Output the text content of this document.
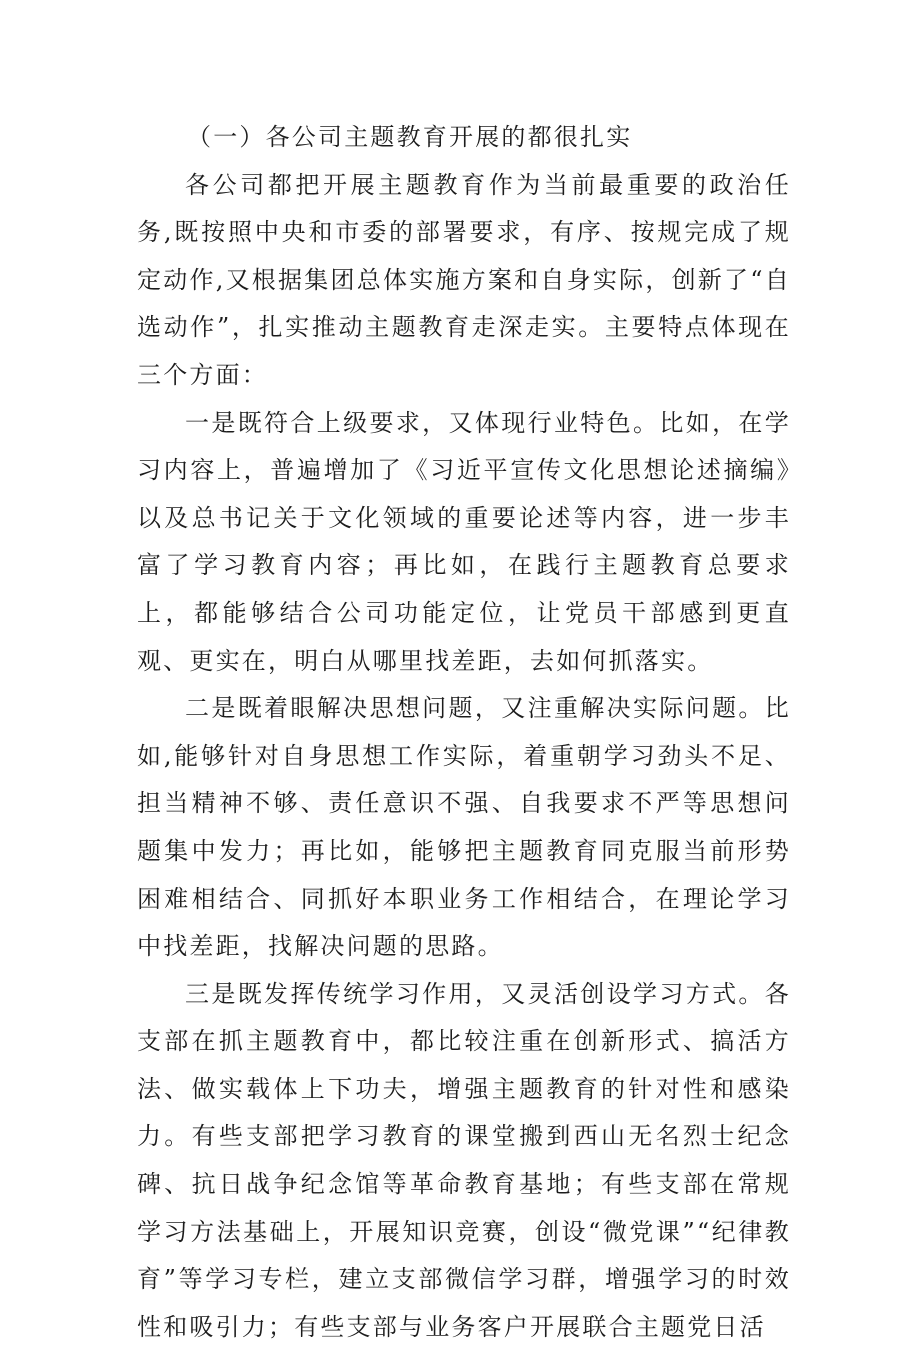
（一）各公司主题教育开展的都很扎实

各公司都把开展主题教育作为当前最重要的政治任务,既按照中央和市委的部署要求，有序、按规完成了规定动作,又根据集团总体实施方案和自身实际，创新了“自选动作”，扎实推动主题教育走深走实。主要特点体现在三个方面：

一是既符合上级要求，又体现行业特色。比如，在学习内容上，普遍增加了《习近平宣传文化思想论述摘编》以及总书记关于文化领域的重要论述等内容，进一步丰富了学习教育内容；再比如，在践行主题教育总要求上，都能够结合公司功能定位，让党员干部感到更直观、更实在，明白从哪里找差距，去如何抓落实。

二是既着眼解决思想问题，又注重解决实际问题。比如,能够针对自身思想工作实际，着重朝学习劲头不足、担当精神不够、责任意识不强、自我要求不严等思想问题集中发力；再比如，能够把主题教育同克服当前形势困难相结合、同抓好本职业务工作相结合，在理论学习中找差距，找解决问题的思路。

三是既发挥传统学习作用，又灵活创设学习方式。各支部在抓主题教育中，都比较注重在创新形式、搞活方法、做实载体上下功夫，增强主题教育的针对性和感染力。有些支部把学习教育的课堂搬到西山无名烈士纪念碑、抗日战争纪念馆等革命教育基地；有些支部在常规学习方法基础上，开展知识竞赛，创设“微党课”“纪律教育”等学习专栏，建立支部微信学习群，增强学习的时效性和吸引力；有些支部与业务客户开展联合主题党日活
